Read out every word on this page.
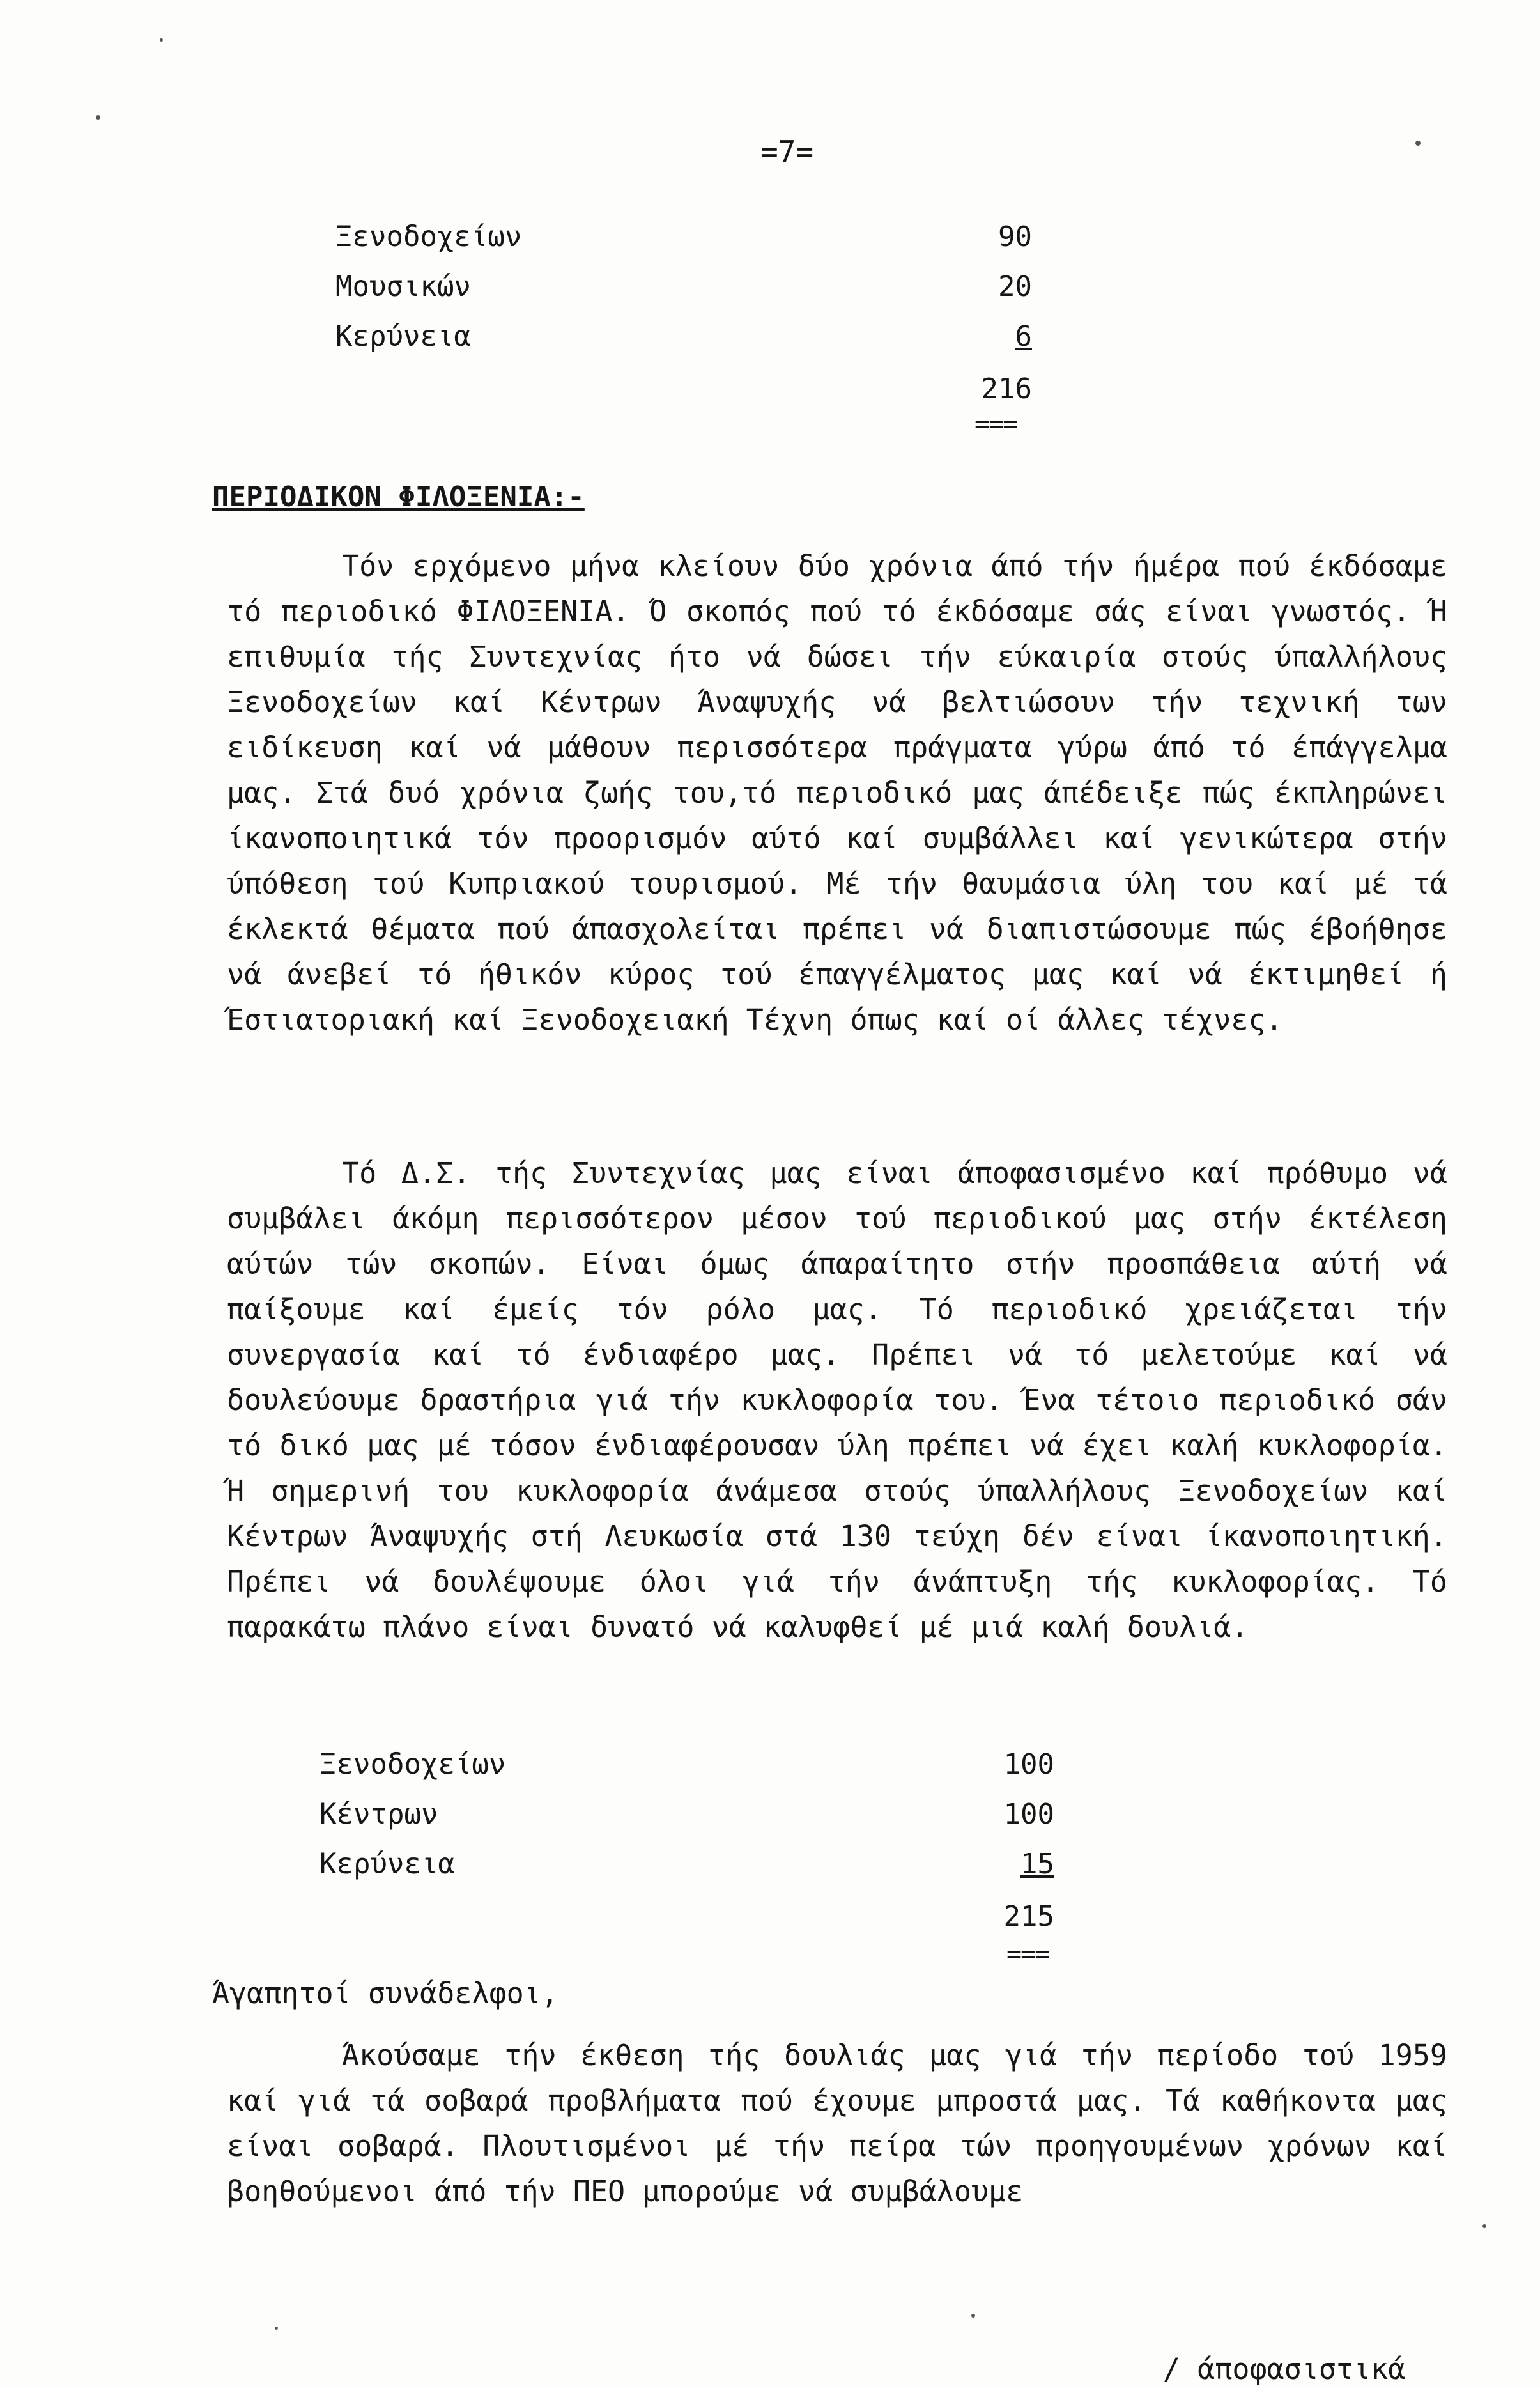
=7=
Ξενοδοχείων	90
Μουσικών	20
Κερύνεια	6
216
===
ΠΕΡΙΟΔΙΚΟΝ ΦΙΛΟΞΕΝΙΑ:-
Τόν ερχόμενο μήνα κλείουν δύο χρόνια άπό τήν ήμέρα πού έκδόσαμε τό περιοδικό ΦΙΛΟΞΕΝΙΑ. Ό σκοπός πού τό έκδόσαμε σάς είναι γνωστός. Ή επιθυμία τής Συντεχνίας ήτο νά δώσει τήν εύκαιρία στούς ύπαλλήλους Ξενοδοχείων καί Κέντρων Άναψυχής νά βελτιώσουν τήν τεχνική των ειδίκευση καί νά μάθουν περισσότερα πράγματα γύρω άπό τό έπάγγελμα μας. Στά δυό χρόνια ζωής του,τό περιοδικό μας άπέδειξε πώς έκπληρώνει ίκανοποιητικά τόν προορισμόν αύτό καί συμβάλλει καί γενικώτερα στήν ύπόθεση τού Κυπριακού τουρισμού. Μέ τήν θαυμάσια ύλη του καί μέ τά έκλεκτά θέματα πού άπασχολείται πρέπει νά διαπιστώσουμε πώς έβοήθησε νά άνεβεί τό ήθικόν κύρος τού έπαγγέλματος μας καί νά έκτιμηθεί ή Έστιατοριακή καί Ξενοδοχειακή Τέχνη όπως καί οί άλλες τέχνες.
Τό Δ.Σ. τής Συντεχνίας μας είναι άποφασισμένο καί πρόθυμο νά συμβάλει άκόμη περισσότερον μέσον τού περιοδικού μας στήν έκτέλεση αύτών τών σκοπών. Είναι όμως άπαραίτητο στήν προσπάθεια αύτή νά παίξουμε καί έμείς τόν ρόλο μας. Τό περιοδικό χρειάζεται τήν συνεργασία καί τό ένδιαφέρο μας. Πρέπει νά τό μελετούμε καί νά δουλεύουμε δραστήρια γιά τήν κυκλοφορία του. Ένα τέτοιο περιοδικό σάν τό δικό μας μέ τόσον ένδιαφέρουσαν ύλη πρέπει νά έχει καλή κυκλοφορία. Ή σημερινή του κυκλοφορία άνάμεσα στούς ύπαλλήλους Ξενοδοχείων καί Κέντρων Άναψυχής στή Λευκωσία στά 130 τεύχη δέν είναι ίκανοποιητική. Πρέπει νά δουλέψουμε όλοι γιά τήν άνάπτυξη τής κυκλοφορίας. Τό παρακάτω πλάνο είναι δυνατό νά καλυφθεί μέ μιά καλή δουλιά.
Ξενοδοχείων	100
Κέντρων	100
Κερύνεια	15
215
===
Άγαπητοί συνάδελφοι,
Άκούσαμε τήν έκθεση τής δουλιάς μας γιά τήν περίοδο τού 1959 καί γιά τά σοβαρά προβλήματα πού έχουμε μπροστά μας. Τά καθήκοντα μας είναι σοβαρά. Πλουτισμένοι μέ τήν πείρα τών προηγουμένων χρόνων καί βοηθούμενοι άπό τήν ΠΕΟ μπορούμε νά συμβάλουμε
/ άποφασιστικά
